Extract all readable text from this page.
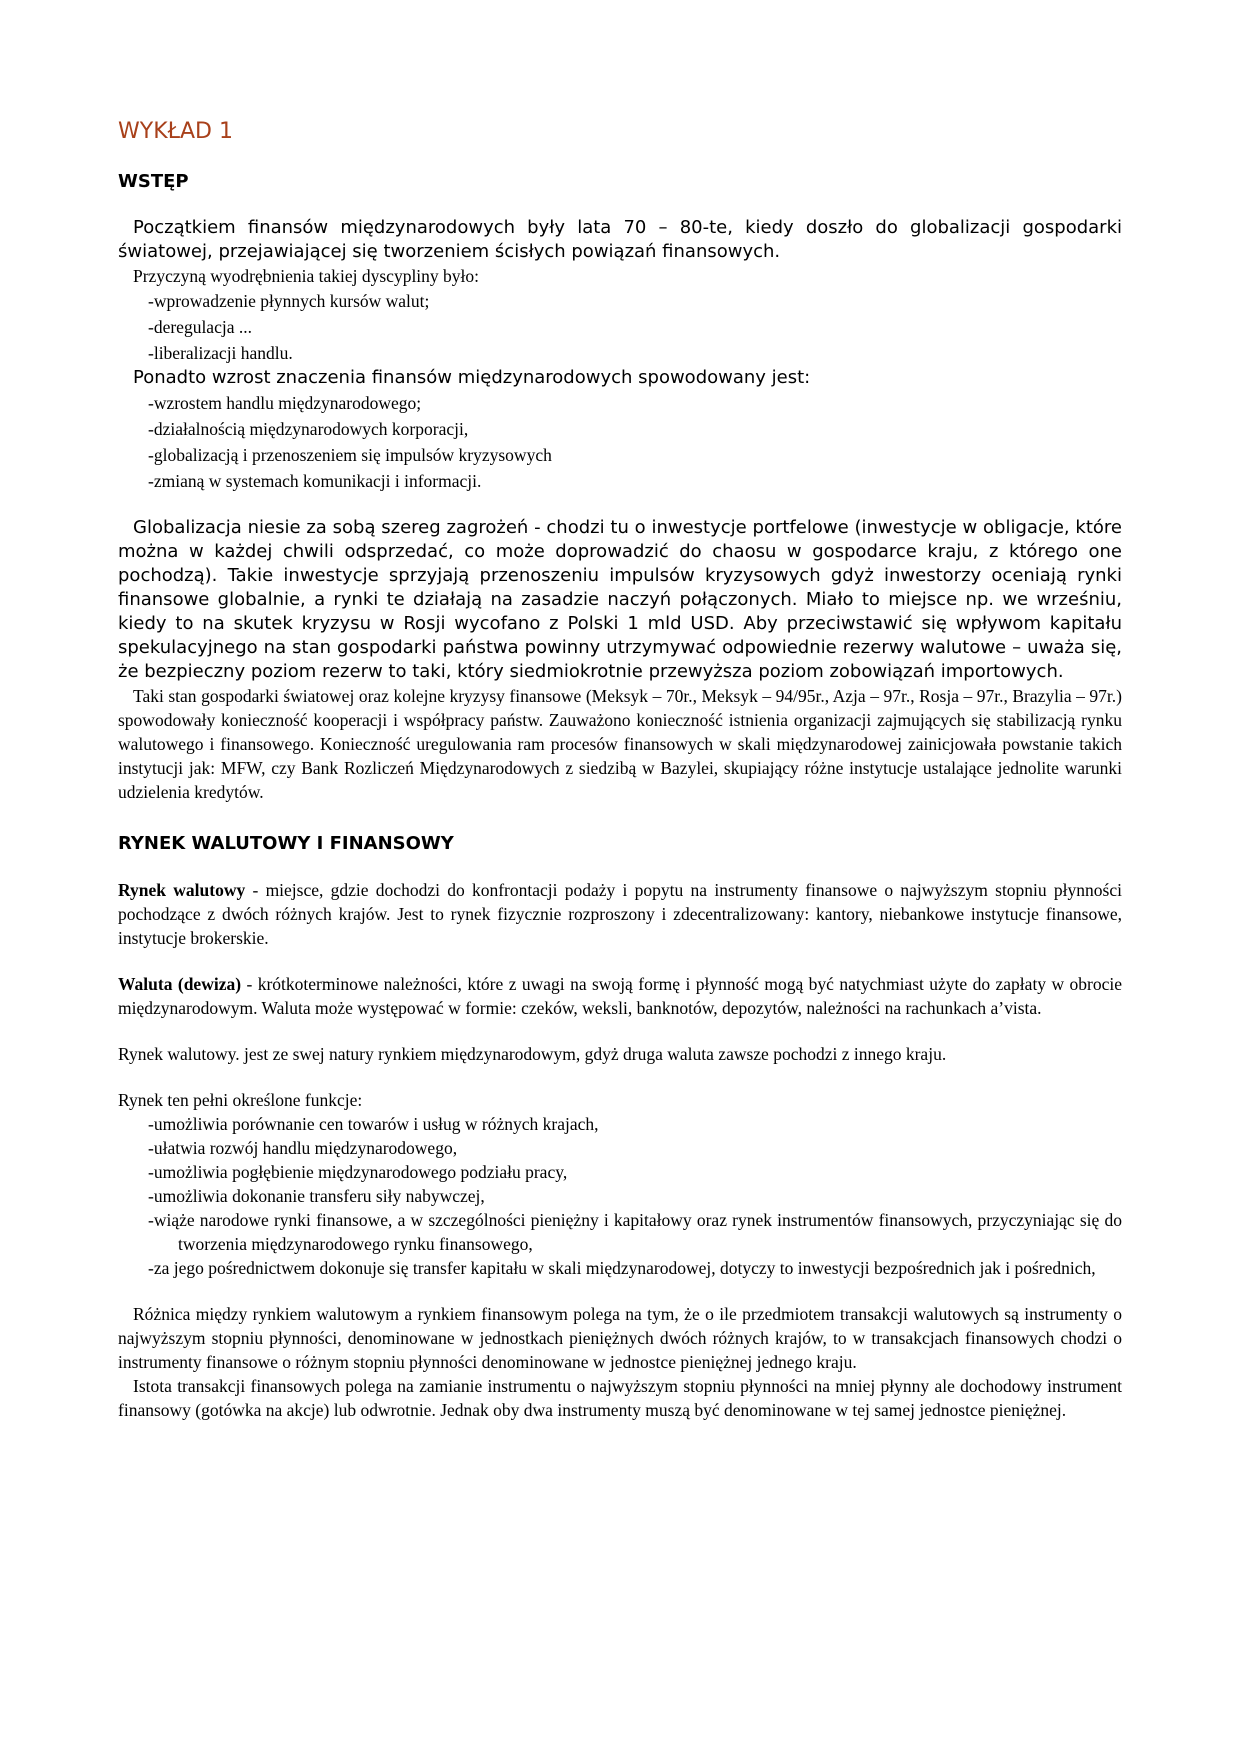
WYKŁAD 1
WSTĘP

Początkiem finansów międzynarodowych były lata 70 – 80-te, kiedy doszło do globalizacji gospodarki światowej, przejawiającej się tworzeniem ścisłych powiązań finansowych.

Przyczyną wyodrębnienia takiej dyscypliny było:

-wprowadzenie płynnych kursów walut;
-deregulacja ...
-liberalizacji handlu.

Ponadto wzrost znaczenia finansów międzynarodowych spowodowany jest:

-wzrostem handlu międzynarodowego;
-działalnością międzynarodowych korporacji,
-globalizacją i przenoszeniem się impulsów kryzysowych
-zmianą w systemach komunikacji i informacji.

Globalizacja niesie za sobą szereg zagrożeń - chodzi tu o inwestycje portfelowe (inwestycje w obligacje, które można w każdej chwili odsprzedać, co może doprowadzić do chaosu w gospodarce kraju, z którego one pochodzą). Takie inwestycje sprzyjają przenoszeniu impulsów kryzysowych gdyż inwestorzy oceniają rynki finansowe globalnie, a rynki te działają na zasadzie naczyń połączonych. Miało to miejsce np. we wrześniu, kiedy to na skutek kryzysu w Rosji wycofano z Polski 1 mld USD. Aby przeciwstawić się wpływom kapitału spekulacyjnego na stan gospodarki państwa powinny utrzymywać odpowiednie rezerwy walutowe – uważa się, że bezpieczny poziom rezerw to taki, który siedmiokrotnie przewyższa poziom zobowiązań importowych.

Taki stan gospodarki światowej oraz kolejne kryzysy finansowe (Meksyk – 70r., Meksyk – 94/95r., Azja – 97r., Rosja – 97r., Brazylia – 97r.) spowodowały konieczność kooperacji i współpracy państw. Zauważono konieczność istnienia organizacji zajmujących się stabilizacją rynku walutowego i finansowego. Konieczność uregulowania ram procesów finansowych w skali międzynarodowej zainicjowała powstanie takich instytucji jak: MFW, czy Bank Rozliczeń Międzynarodowych z siedzibą w Bazylei, skupiający różne instytucje ustalające jednolite warunki udzielenia kredytów.

RYNEK WALUTOWY I FINANSOWY

Rynek walutowy - miejsce, gdzie dochodzi do konfrontacji podaży i popytu na instrumenty finansowe o najwyższym stopniu płynności pochodzące z dwóch różnych krajów. Jest to rynek fizycznie rozproszony i zdecentralizowany: kantory, niebankowe instytucje finansowe, instytucje brokerskie.

Waluta (dewiza) - krótkoterminowe należności, które z uwagi na swoją formę i płynność mogą być natychmiast użyte do zapłaty w obrocie międzynarodowym. Waluta może występować w formie: czeków, weksli, banknotów, depozytów, należności na rachunkach a’vista.

Rynek walutowy. jest ze swej natury rynkiem międzynarodowym, gdyż druga waluta zawsze pochodzi z innego kraju.

Rynek ten pełni określone funkcje:

-umożliwia porównanie cen towarów i usług w różnych krajach,
-ułatwia rozwój handlu międzynarodowego,
-umożliwia pogłębienie międzynarodowego podziału pracy,
-umożliwia dokonanie transferu siły nabywczej,
-wiąże narodowe rynki finansowe, a w szczególności pieniężny i kapitałowy oraz rynek instrumentów finansowych, przyczyniając się do tworzenia międzynarodowego rynku finansowego,
-za jego pośrednictwem dokonuje się transfer kapitału w skali międzynarodowej, dotyczy to inwestycji bezpośrednich jak i pośrednich,

Różnica między rynkiem walutowym a rynkiem finansowym polega na tym, że o ile przedmiotem transakcji walutowych są instrumenty o najwyższym stopniu płynności, denominowane w jednostkach pieniężnych dwóch różnych krajów, to w transakcjach finansowych chodzi o instrumenty finansowe o różnym stopniu płynności denominowane w jednostce pieniężnej jednego kraju.

Istota transakcji finansowych polega na zamianie instrumentu o najwyższym stopniu płynności na mniej płynny ale dochodowy instrument finansowy (gotówka na akcje) lub odwrotnie. Jednak oby dwa instrumenty muszą być denominowane w tej samej jednostce pieniężnej.
